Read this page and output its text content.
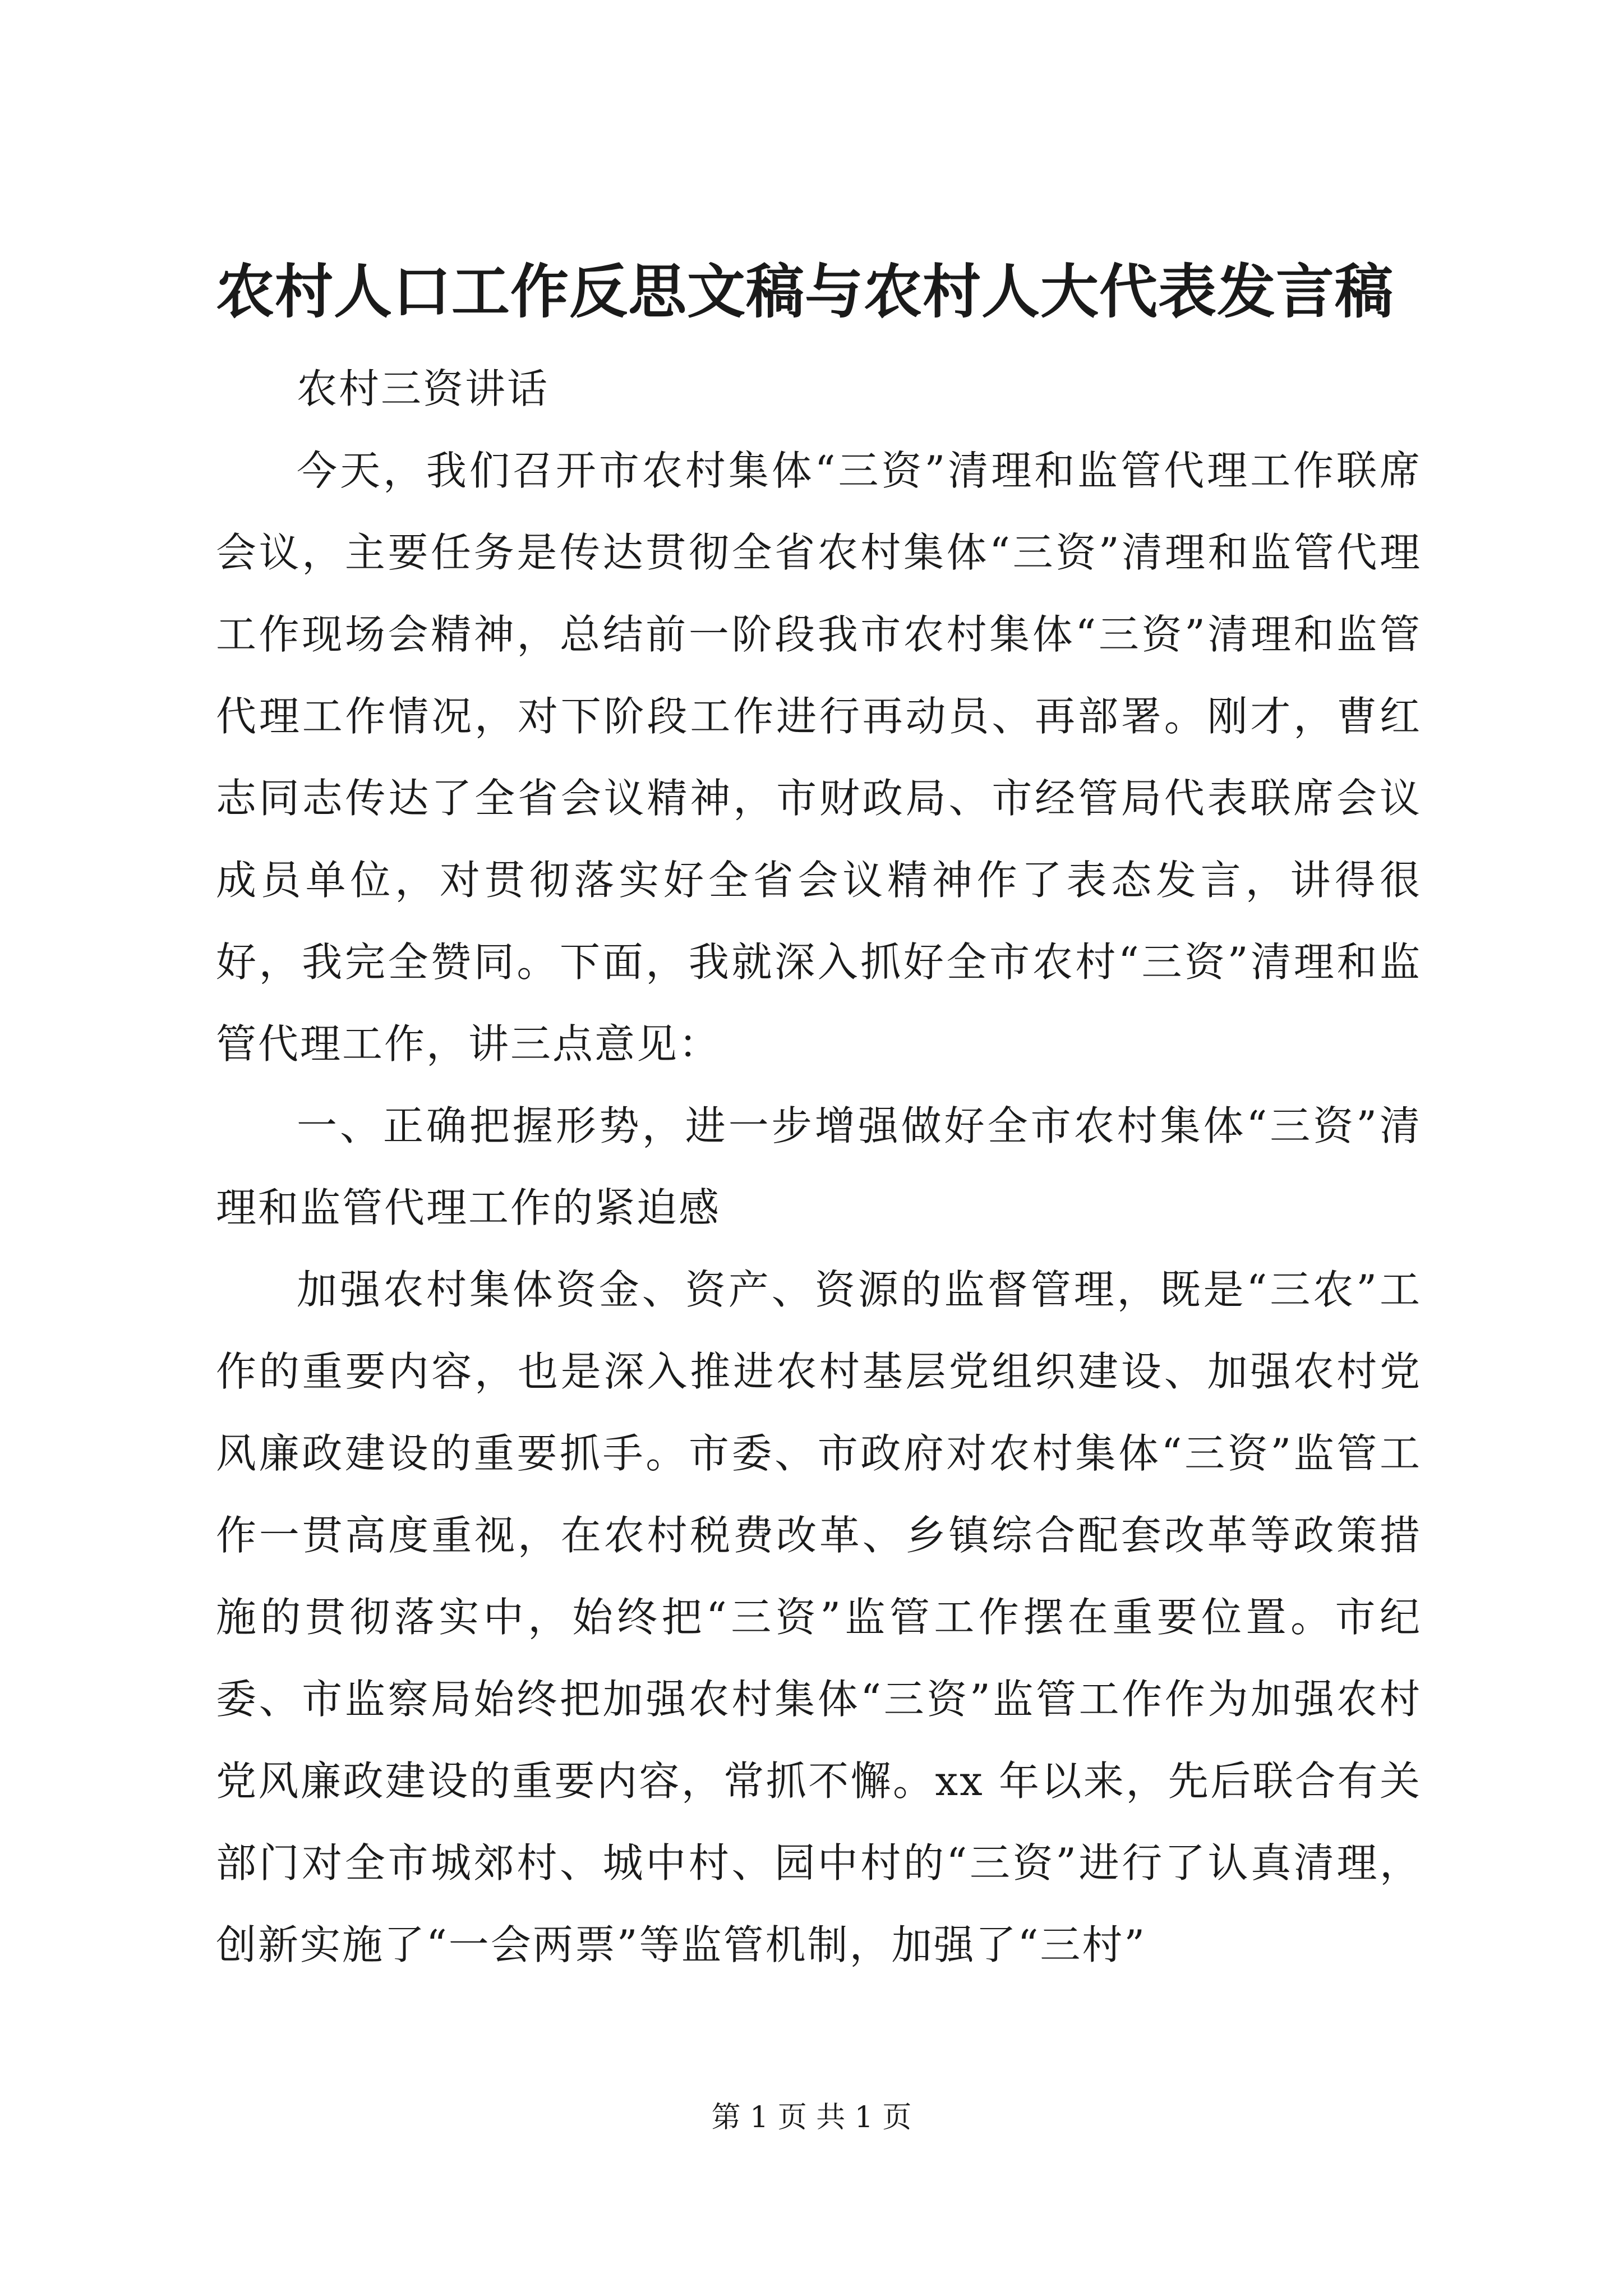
农村人口工作反思文稿与农村人大代表发言稿

农村三资讲话

今天，我们召开市农村集体“三资”清理和监管代理工作联席会议，主要任务是传达贯彻全省农村集体“三资”清理和监管代理工作现场会精神，总结前一阶段我市农村集体“三资”清理和监管代理工作情况，对下阶段工作进行再动员、再部署。刚才，曹红志同志传达了全省会议精神，市财政局、市经管局代表联席会议成员单位，对贯彻落实好全省会议精神作了表态发言，讲得很好，我完全赞同。下面，我就深入抓好全市农村“三资”清理和监管代理工作，讲三点意见：

一、正确把握形势，进一步增强做好全市农村集体“三资”清理和监管代理工作的紧迫感

加强农村集体资金、资产、资源的监督管理，既是“三农”工作的重要内容，也是深入推进农村基层党组织建设、加强农村党风廉政建设的重要抓手。市委、市政府对农村集体“三资”监管工作一贯高度重视，在农村税费改革、乡镇综合配套改革等政策措施的贯彻落实中，始终把“三资”监管工作摆在重要位置。市纪委、市监察局始终把加强农村集体“三资”监管工作作为加强农村党风廉政建设的重要内容，常抓不懈。xx 年以来，先后联合有关部门对全市城郊村、城中村、园中村的“三资”进行了认真清理，创新实施了“一会两票”等监管机制，加强了“三村”

第 1 页 共 1 页
